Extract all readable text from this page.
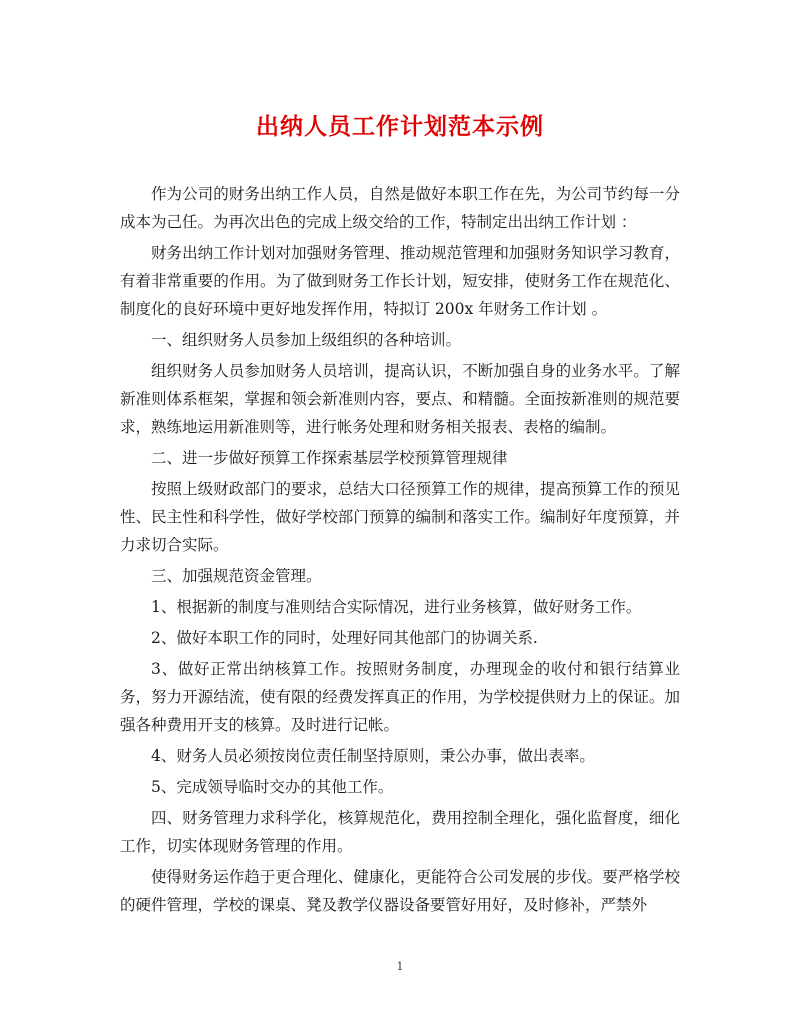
出纳人员工作计划范本示例

作为公司的财务出纳工作人员，自然是做好本职工作在先，为公司节约每一分成本为己任。为再次出色的完成上级交给的工作，特制定出出纳工作计划 ：

财务出纳工作计划对加强财务管理、推动规范管理和加强财务知识学习教育，有着非常重要的作用。为了做到财务工作长计划，短安排，使财务工作在规范化、制度化的良好环境中更好地发挥作用，特拟订 200x 年财务工作计划 。

一、组织财务人员参加上级组织的各种培训。

组织财务人员参加财务人员培训，提高认识，不断加强自身的业务水平。了解新准则体系框架，掌握和领会新准则内容，要点、和精髓。全面按新准则的规范要求，熟练地运用新准则等，进行帐务处理和财务相关报表、表格的编制。

二、进一步做好预算工作探索基层学校预算管理规律

按照上级财政部门的要求，总结大口径预算工作的规律，提高预算工作的预见性、民主性和科学性，做好学校部门预算的编制和落实工作。编制好年度预算，并力求切合实际。

三、加强规范资金管理。

1、根据新的制度与准则结合实际情况，进行业务核算，做好财务工作。

2、做好本职工作的同时，处理好同其他部门的协调关系.

3、做好正常出纳核算工作。按照财务制度，办理现金的收付和银行结算业务，努力开源结流，使有限的经费发挥真正的作用，为学校提供财力上的保证。加强各种费用开支的核算。及时进行记帐。

4、财务人员必须按岗位责任制坚持原则，秉公办事，做出表率。

5、完成领导临时交办的其他工作。

四、财务管理力求科学化，核算规范化，费用控制全理化，强化监督度，细化工作，切实体现财务管理的作用。

使得财务运作趋于更合理化、健康化，更能符合公司发展的步伐。要严格学校的硬件管理，学校的课桌、凳及教学仪器设备要管好用好，及时修补，严禁外

1
